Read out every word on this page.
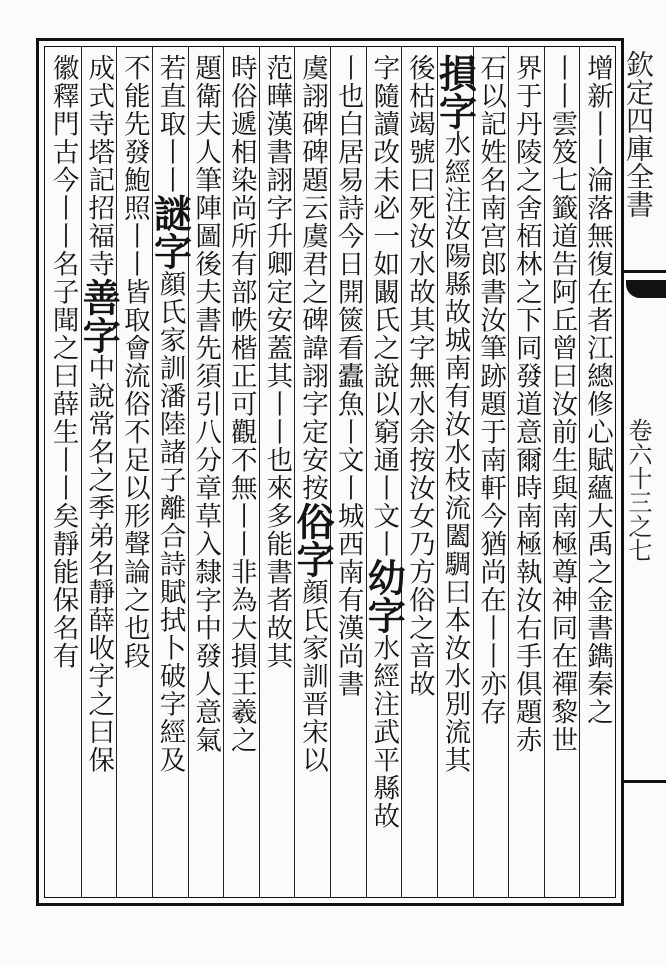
欽定四庫全書卷六十三之七
增新丨丨淪落無復在者江總修心賦蘊大禹之金書鐫秦之
丨丨雲笈七籤道告阿丘曾曰汝前生與南極尊神同在禪黎世
界于丹陵之舍栢林之下同發道意爾時南極執汝右手俱題赤
石以記姓名南宫郎書汝筆跡題于南軒今猶尚在丨丨亦存
損字水經注汝陽縣故城南有汝水枝流闔騆曰本汝水別流其
後枯竭號曰死汝水故其字無水余按汝女乃方俗之音故
字隨讀改未必一如闞氏之說以窮通丨文丨幼字水經注武平縣故
丨也白居易詩今日開篋看蠹魚丨文丨城西南有漢尚書
虞詡碑碑題云虞君之碑諱詡字定安按俗字顔氏家訓晋宋以
范曄漢書詡字升卿定安蓋其丨丨也來多能書者故其
時俗遞相染尚所有部帙楷正可觀不無丨丨非為大損王羲之
題衛夫人筆陣圖後夫書先須引八分章草入隸字中發人意氣
若直取丨丨謎字顔氏家訓潘陸諸子離合詩賦拭卜破字經及
不能先發鮑照丨丨皆取會流俗不足以形聲論之也段
成式寺塔記招福寺善字中說常名之季弟名靜薛收字之曰保
徽釋門古今丨丨名子聞之曰薛生丨丨矣靜能保名有
